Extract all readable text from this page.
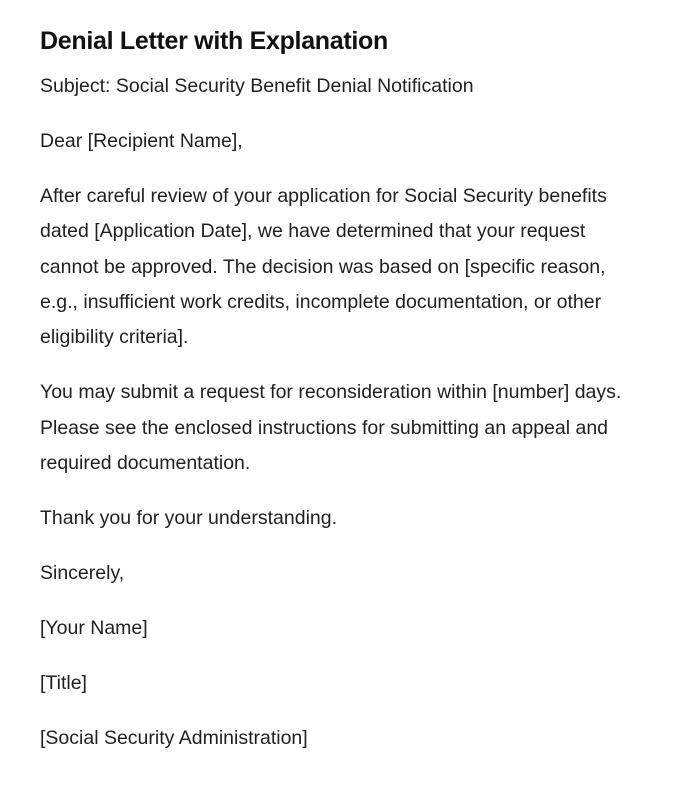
Denial Letter with Explanation

Subject: Social Security Benefit Denial Notification

Dear [Recipient Name],

After careful review of your application for Social Security benefits dated [Application Date], we have determined that your request cannot be approved. The decision was based on [specific reason, e.g., insufficient work credits, incomplete documentation, or other eligibility criteria].

You may submit a request for reconsideration within [number] days. Please see the enclosed instructions for submitting an appeal and required documentation.

Thank you for your understanding.

Sincerely,

[Your Name]

[Title]

[Social Security Administration]
